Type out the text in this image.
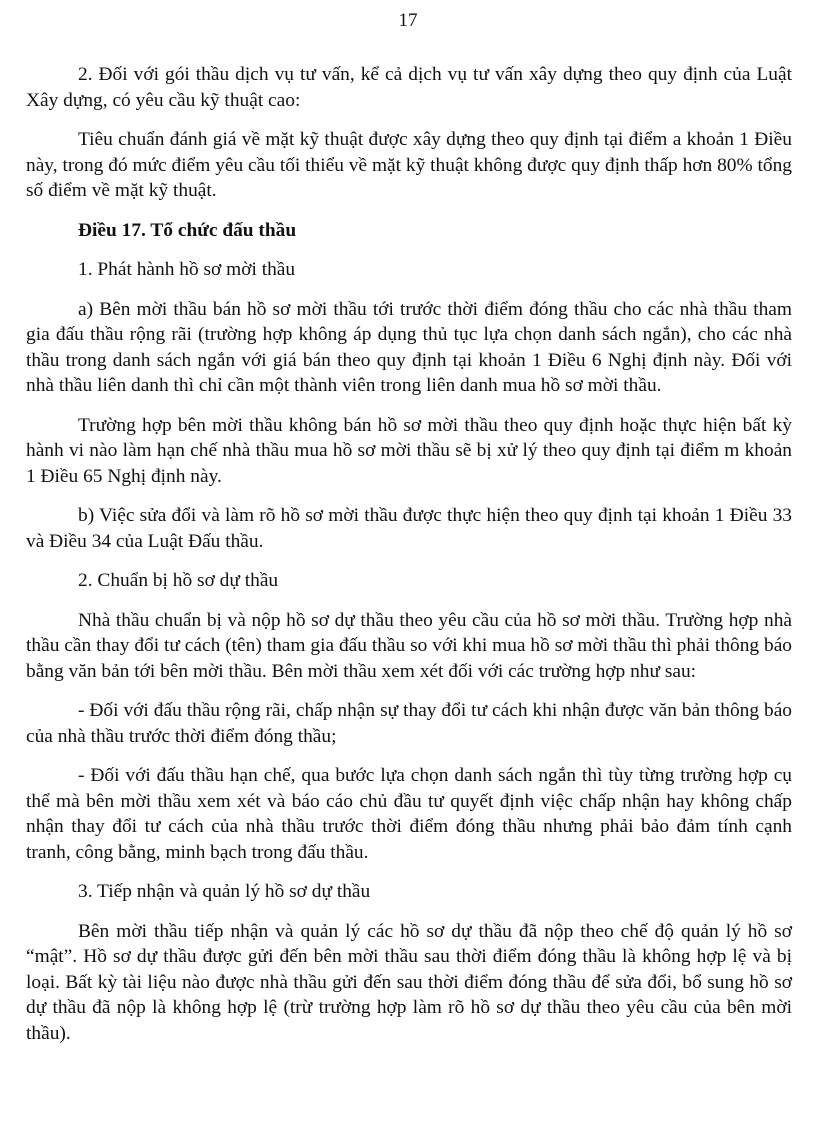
17

2. Đối với gói thầu dịch vụ tư vấn, kể cả dịch vụ tư vấn xây dựng theo quy định của Luật Xây dựng, có yêu cầu kỹ thuật cao:

Tiêu chuẩn đánh giá về mặt kỹ thuật được xây dựng theo quy định tại điểm a khoản 1 Điều này, trong đó mức điểm yêu cầu tối thiểu về mặt kỹ thuật không được quy định thấp hơn 80% tổng số điểm về mặt kỹ thuật.

Điều 17. Tổ chức đấu thầu

1. Phát hành hồ sơ mời thầu

a) Bên mời thầu bán hồ sơ mời thầu tới trước thời điểm đóng thầu cho các nhà thầu tham gia đấu thầu rộng rãi (trường hợp không áp dụng thủ tục lựa chọn danh sách ngắn), cho các nhà thầu trong danh sách ngắn với giá bán theo quy định tại khoản 1 Điều 6 Nghị định này. Đối với nhà thầu liên danh thì chỉ cần một thành viên trong liên danh mua hồ sơ mời thầu.

Trường hợp bên mời thầu không bán hồ sơ mời thầu theo quy định hoặc thực hiện bất kỳ hành vi nào làm hạn chế nhà thầu mua hồ sơ mời thầu sẽ bị xử lý theo quy định tại điểm m khoản 1 Điều 65 Nghị định này.

b) Việc sửa đổi và làm rõ hồ sơ mời thầu được thực hiện theo quy định tại khoản 1 Điều 33 và Điều 34 của Luật Đấu thầu.

2. Chuẩn bị hồ sơ dự thầu

Nhà thầu chuẩn bị và nộp hồ sơ dự thầu theo yêu cầu của hồ sơ mời thầu. Trường hợp nhà thầu cần thay đổi tư cách (tên) tham gia đấu thầu so với khi mua hồ sơ mời thầu thì phải thông báo bằng văn bản tới bên mời thầu. Bên mời thầu xem xét đối với các trường hợp như sau:

- Đối với đấu thầu rộng rãi, chấp nhận sự thay đổi tư cách khi nhận được văn bản thông báo của nhà thầu trước thời điểm đóng thầu;

- Đối với đấu thầu hạn chế, qua bước lựa chọn danh sách ngắn thì tùy từng trường hợp cụ thể mà bên mời thầu xem xét và báo cáo chủ đầu tư quyết định việc chấp nhận hay không chấp nhận thay đổi tư cách của nhà thầu trước thời điểm đóng thầu nhưng phải bảo đảm tính cạnh tranh, công bằng, minh bạch trong đấu thầu.

3. Tiếp nhận và quản lý hồ sơ dự thầu

Bên mời thầu tiếp nhận và quản lý các hồ sơ dự thầu đã nộp theo chế độ quản lý hồ sơ “mật”. Hồ sơ dự thầu được gửi đến bên mời thầu sau thời điểm đóng thầu là không hợp lệ và bị loại. Bất kỳ tài liệu nào được nhà thầu gửi đến sau thời điểm đóng thầu để sửa đổi, bổ sung hồ sơ dự thầu đã nộp là không hợp lệ (trừ trường hợp làm rõ hồ sơ dự thầu theo yêu cầu của bên mời thầu).
